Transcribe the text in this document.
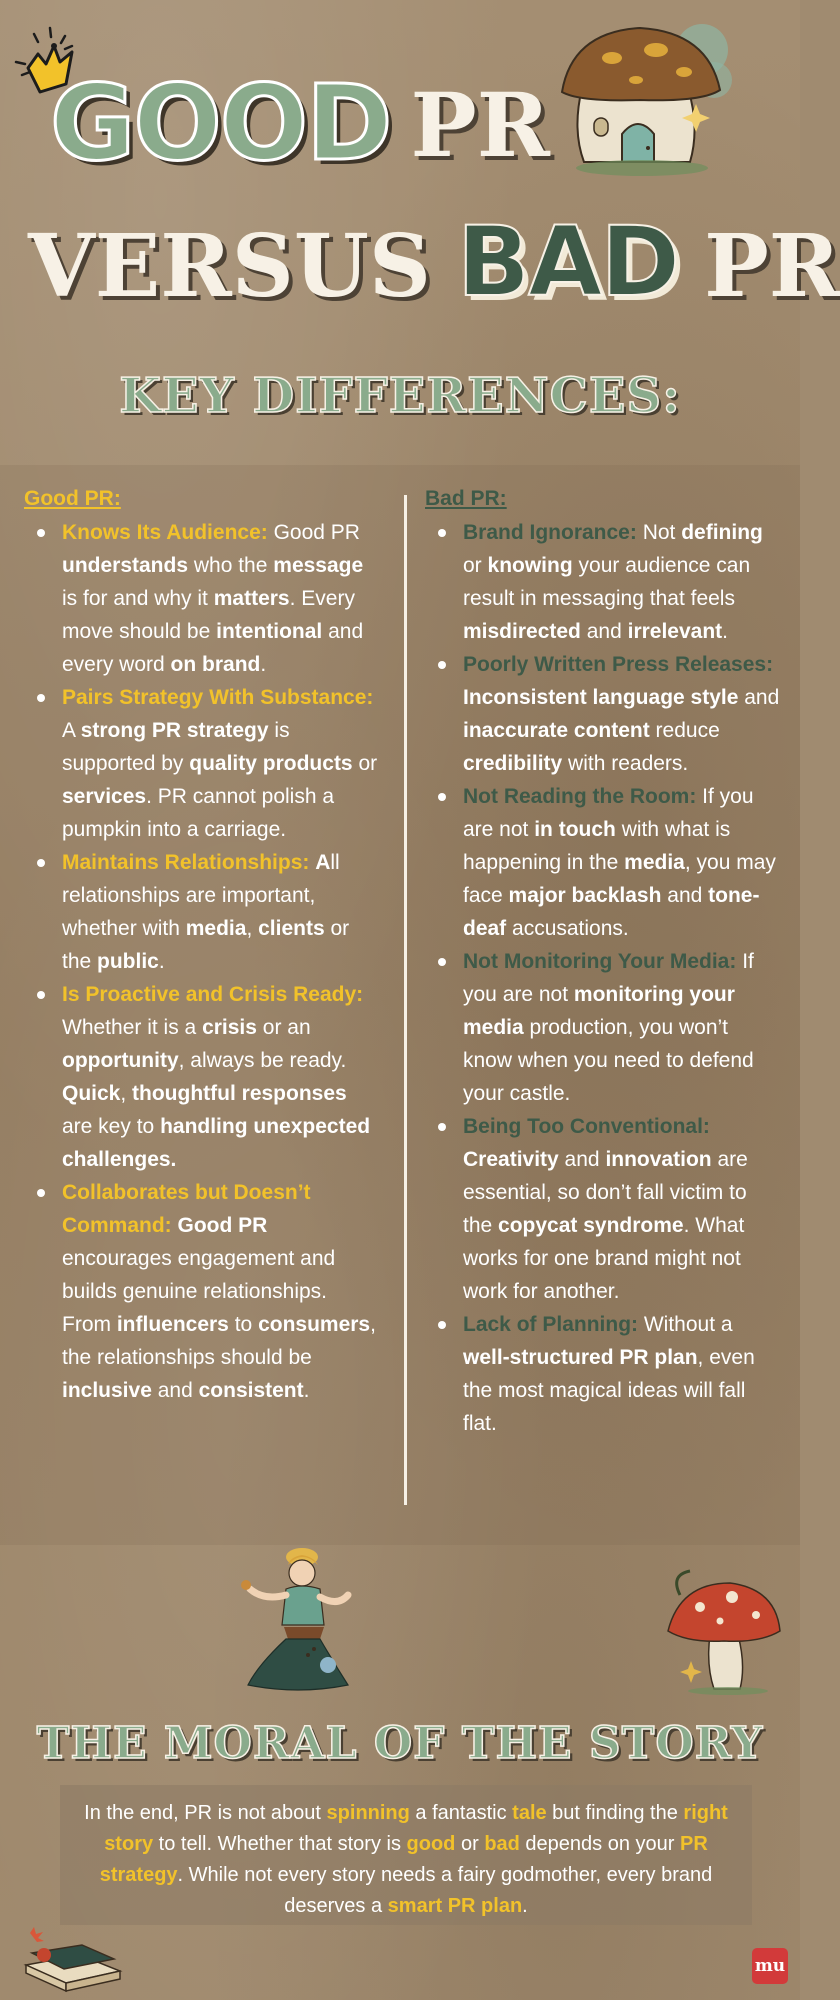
GOOD PR
VERSUS BAD PR
KEY DIFFERENCES:
Good PR:
Knows Its Audience: Good PR understands who the message is for and why it matters. Every move should be intentional and every word on brand.
Pairs Strategy With Substance: A strong PR strategy is supported by quality products or services. PR cannot polish a pumpkin into a carriage.
Maintains Relationships: All relationships are important, whether with media, clients or the public.
Is Proactive and Crisis Ready: Whether it is a crisis or an opportunity, always be ready. Quick, thoughtful responses are key to handling unexpected challenges.
Collaborates but Doesn’t Command: Good PR encourages engagement and builds genuine relationships. From influencers to consumers, the relationships should be inclusive and consistent.
Bad PR:
Brand Ignorance: Not defining or knowing your audience can result in messaging that feels misdirected and irrelevant.
Poorly Written Press Releases: Inconsistent language style and inaccurate content reduce credibility with readers.
Not Reading the Room: If you are not in touch with what is happening in the media, you may face major backlash and tone-deaf accusations.
Not Monitoring Your Media: If you are not monitoring your media production, you won’t know when you need to defend your castle.
Being Too Conventional: Creativity and innovation are essential, so don’t fall victim to the copycat syndrome. What works for one brand might not work for another.
Lack of Planning: Without a well-structured PR plan, even the most magical ideas will fall flat.
THE MORAL OF THE STORY
In the end, PR is not about spinning a fantastic tale but finding the right story to tell. Whether that story is good or bad depends on your PR strategy. While not every story needs a fairy godmother, every brand deserves a smart PR plan.
mu
